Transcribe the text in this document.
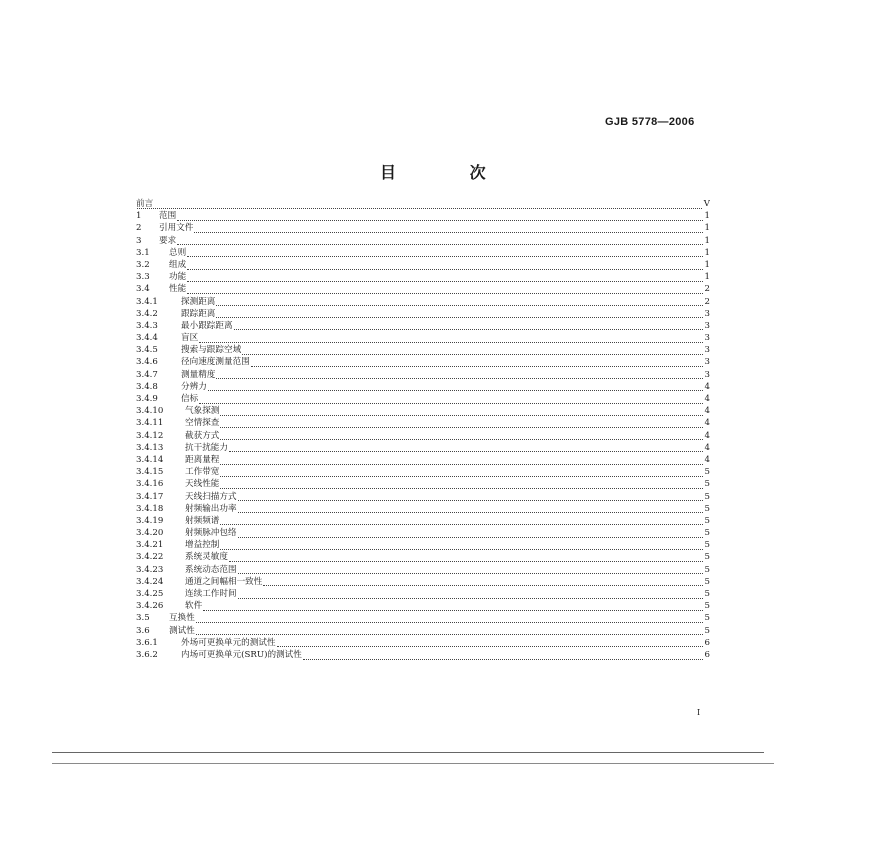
GJB 5778—2006
目 次
前言	V
1	范围	1
2	引用文件	1
3	要求	1
3.1	总则	1
3.2	组成	1
3.3	功能	1
3.4	性能	2
3.4.1	探测距离	2
3.4.2	跟踪距离	3
3.4.3	最小跟踪距离	3
3.4.4	盲区	3
3.4.5	搜索与跟踪空域	3
3.4.6	径向速度测量范围	3
3.4.7	测量精度	3
3.4.8	分辨力	4
3.4.9	信标	4
3.4.10	气象探测	4
3.4.11	空情探查	4
3.4.12	截获方式	4
3.4.13	抗干扰能力	4
3.4.14	距离量程	4
3.4.15	工作带宽	5
3.4.16	天线性能	5
3.4.17	天线扫描方式	5
3.4.18	射频输出功率	5
3.4.19	射频频谱	5
3.4.20	射频脉冲包络	5
3.4.21	增益控制	5
3.4.22	系统灵敏度	5
3.4.23	系统动态范围	5
3.4.24	通道之间幅相一致性	5
3.4.25	连续工作时间	5
3.4.26	软件	5
3.5	互换性	5
3.6	测试性	5
3.6.1	外场可更换单元的测试性	6
3.6.2	内场可更换单元(SRU)的测试性	6
I
